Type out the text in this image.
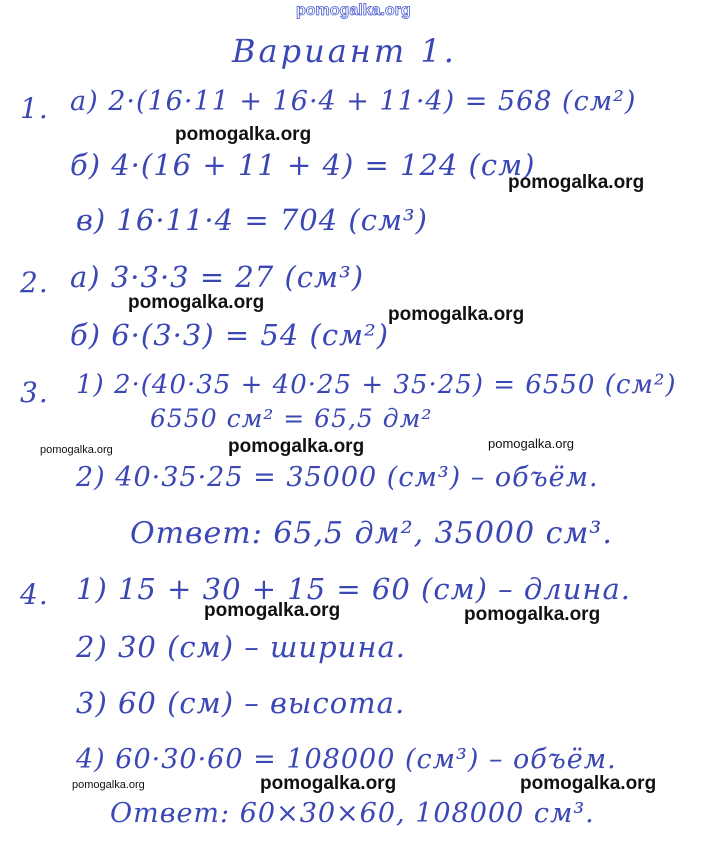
pomogalka.org
Вариант 1.
1. а) 2·(16·11 + 16·4 + 11·4) = 568 (см²)
б) 4·(16 + 11 + 4) = 124 (см)
в) 16·11·4 = 704 (см³)
2. а) 3·3·3 = 27 (см³)
б) 6·(3·3) = 54 (см²)
3. 1) 2·(40·35 + 40·25 + 35·25) = 6550 (см²)
6550 см² = 65,5 дм²
2) 40·35·25 = 35000 (см³) – объём.
Ответ: 65,5 дм², 35000 см³.
4. 1) 15 + 30 + 15 = 60 (см) – длина.
2) 30 (см) – ширина.
3) 60 (см) – высота.
4) 60·30·60 = 108000 (см³) – объём.
Ответ: 60×30×60, 108000 см³.
pomogalka.org
pomogalka.org
pomogalka.org
pomogalka.org
pomogalka.org	pomogalka.org	pomogalka.org
pomogalka.org	pomogalka.org
pomogalka.org	pomogalka.org	pomogalka.org
